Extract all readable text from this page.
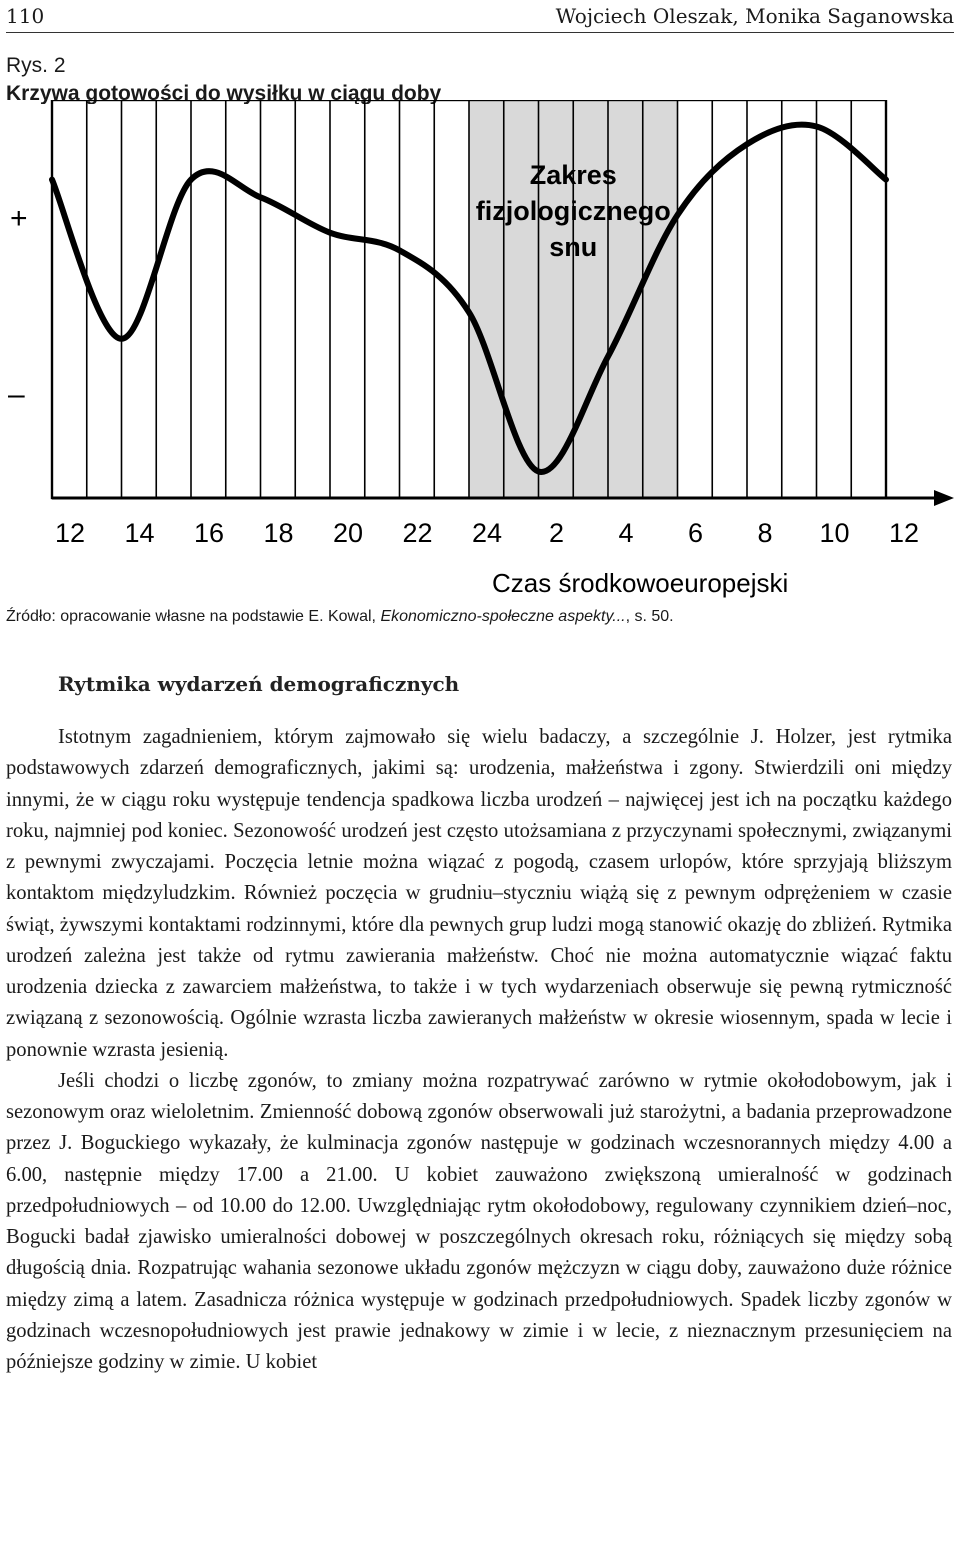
110	Wojciech Oleszak, Monika Saganowska
Rys. 2
Krzywa gotowości do wysiłku w ciągu doby
12 14 16 18 20 22 24 2 4 6 8 10 12
Zakres fizjologicznego snu
+
–
Czas środkowoeuropejski
Źródło: opracowanie własne na podstawie E. Kowal, Ekonomiczno-społeczne aspekty..., s. 50.
Rytmika wydarzeń demograficznych

Istotnym zagadnieniem, którym zajmowało się wielu badaczy, a szczególnie J. Holzer, jest rytmika podstawowych zdarzeń demograficznych, jakimi są: urodzenia, małżeństwa i zgony. Stwierdzili oni między innymi, że w ciągu roku występuje tendencja spadkowa liczba urodzeń – najwięcej jest ich na początku każdego roku, najmniej pod koniec. Sezonowość urodzeń jest często utożsamiana z przyczynami społecznymi, związanymi z pewnymi zwyczajami. Poczęcia letnie można wiązać z pogodą, czasem urlopów, które sprzyjają bliższym kontaktom międzyludzkim. Również poczęcia w grudniu–styczniu wiążą się z pewnym odprężeniem w czasie świąt, żywszymi kontaktami rodzinnymi, które dla pewnych grup ludzi mogą stanowić okazję do zbliżeń. Rytmika urodzeń zależna jest także od rytmu zawierania małżeństw. Choć nie można automatycznie wiązać faktu urodzenia dziecka z zawarciem małżeństwa, to także i w tych wydarzeniach obserwuje się pewną rytmiczność związaną z sezonowością. Ogólnie wzrasta liczba zawieranych małżeństw w okresie wiosennym, spada w lecie i ponownie wzrasta jesienią.

Jeśli chodzi o liczbę zgonów, to zmiany można rozpatrywać zarówno w rytmie okołodobowym, jak i sezonowym oraz wieloletnim. Zmienność dobową zgonów obserwowali już starożytni, a badania przeprowadzone przez J. Boguckiego wykazały, że kulminacja zgonów następuje w godzinach wczesnorannych między 4.00 a 6.00, następnie między 17.00 a 21.00. U kobiet zauważono zwiększoną umieralność w godzinach przedpołudniowych – od 10.00 do 12.00. Uwzględniając rytm okołodobowy, regulowany czynnikiem dzień–noc, Bogucki badał zjawisko umieralności dobowej w poszczególnych okresach roku, różniących się między sobą długością dnia. Rozpatrując wahania sezonowe układu zgonów mężczyzn w ciągu doby, zauważono duże różnice między zimą a latem. Zasadnicza różnica występuje w godzinach przedpołudniowych. Spadek liczby zgonów w godzinach wczesnopołudniowych jest prawie jednakowy w zimie i w lecie, z nieznacznym przesunięciem na późniejsze godziny w zimie. U kobiet
